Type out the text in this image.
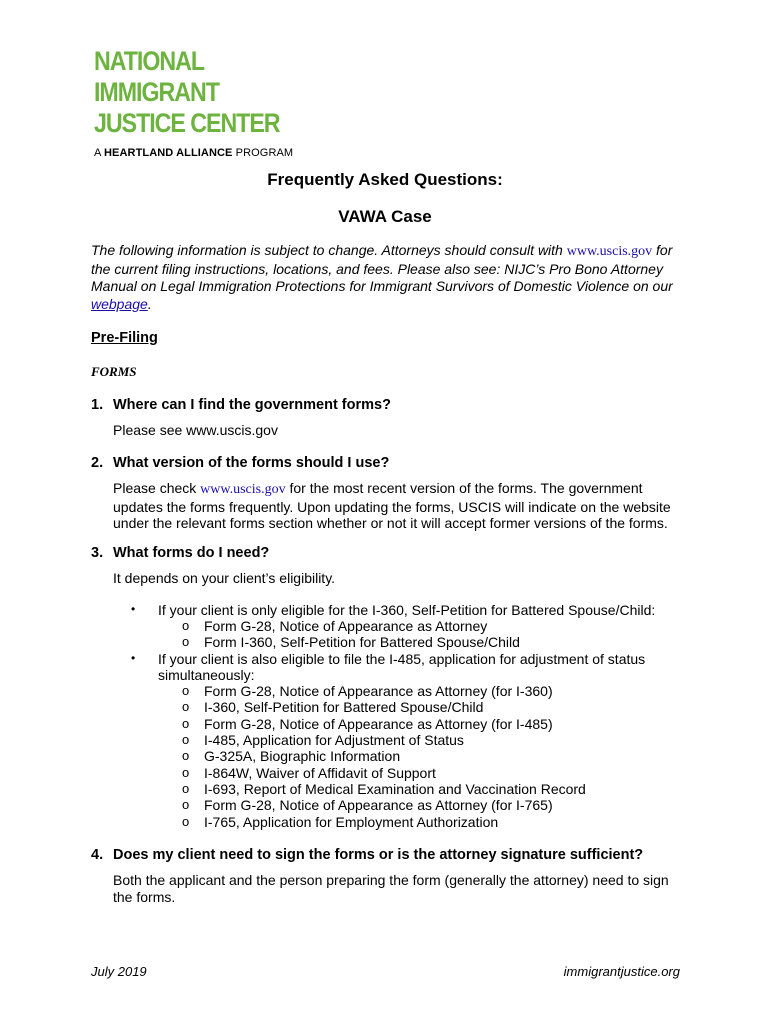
NATIONAL
IMMIGRANT
JUSTICE CENTER
A HEARTLAND ALLIANCE PROGRAM
Frequently Asked Questions:
VAWA Case

The following information is subject to change. Attorneys should consult with www.uscis.gov for the current filing instructions, locations, and fees. Please also see: NIJC’s Pro Bono Attorney Manual on Legal Immigration Protections for Immigrant Survivors of Domestic Violence on our webpage.

Pre-Filing
FORMS

1. Where can I find the government forms?

Please see www.uscis.gov

2. What version of the forms should I use?

Please check www.uscis.gov for the most recent version of the forms. The government updates the forms frequently. Upon updating the forms, USCIS will indicate on the website under the relevant forms section whether or not it will accept former versions of the forms.

3. What forms do I need?

It depends on your client’s eligibility.

• If your client is only eligible for the I-360, Self-Petition for Battered Spouse/Child:
o Form G-28, Notice of Appearance as Attorney
o Form I-360, Self-Petition for Battered Spouse/Child
• If your client is also eligible to file the I-485, application for adjustment of status
simultaneously:
o Form G-28, Notice of Appearance as Attorney (for I-360)
o I-360, Self-Petition for Battered Spouse/Child
o Form G-28, Notice of Appearance as Attorney (for I-485)
o I-485, Application for Adjustment of Status
o G-325A, Biographic Information
o I-864W, Waiver of Affidavit of Support
o I-693, Report of Medical Examination and Vaccination Record
o Form G-28, Notice of Appearance as Attorney (for I-765)
o I-765, Application for Employment Authorization

4. Does my client need to sign the forms or is the attorney signature sufficient?

Both the applicant and the person preparing the form (generally the attorney) need to sign the forms.

July 2019	immigrantjustice.org
